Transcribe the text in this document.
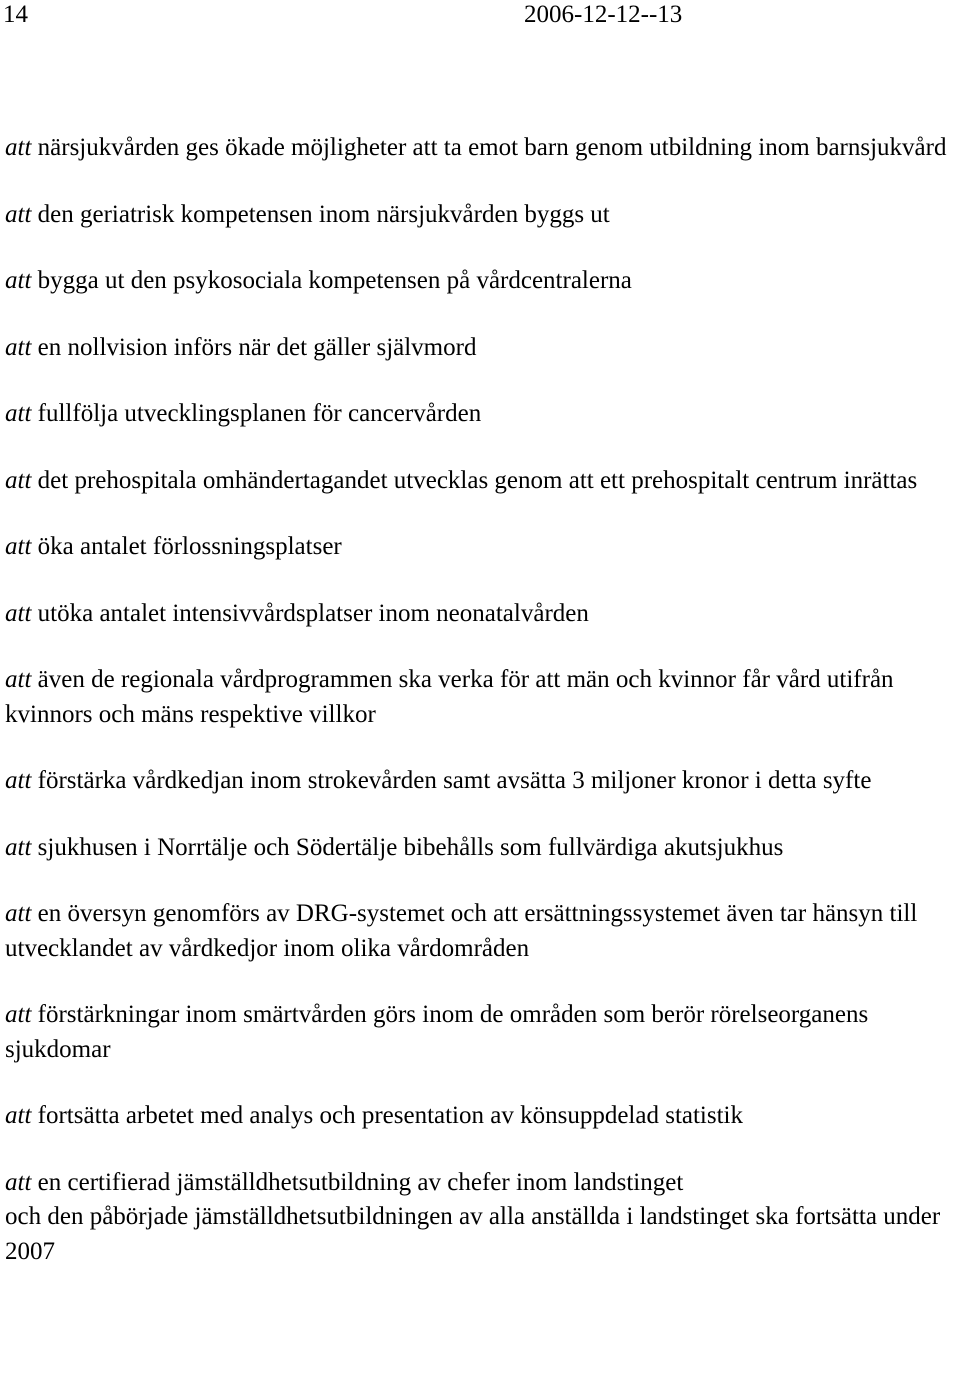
14	2006-12-12--13

att närsjukvården ges ökade möjligheter att ta emot barn genom utbildning inom barnsjukvård

att den geriatrisk kompetensen inom närsjukvården byggs ut

att bygga ut den psykosociala kompetensen på vårdcentralerna

att en nollvision införs när det gäller självmord

att fullfölja utvecklingsplanen för cancervården

att det prehospitala omhändertagandet utvecklas genom att ett prehospitalt centrum inrättas

att öka antalet förlossningsplatser

att utöka antalet intensivvårdsplatser inom neonatalvården

att även de regionala vårdprogrammen ska verka för att män och kvinnor får vård utifrån kvinnors och mäns respektive villkor

att förstärka vårdkedjan inom strokevården samt avsätta 3 miljoner kronor i detta syfte

att sjukhusen i Norrtälje och Södertälje bibehålls som fullvärdiga akutsjukhus

att en översyn genomförs av DRG-systemet och att ersättningssystemet även tar hänsyn till utvecklandet av vårdkedjor inom olika vårdområden

att förstärkningar inom smärtvården görs inom de områden som berör rörelseorganens sjukdomar

att fortsätta arbetet med analys och presentation av könsuppdelad statistik

att en certifierad jämställdhetsutbildning av chefer inom landstinget
och den påbörjade jämställdhetsutbildningen av alla anställda i landstinget ska fortsätta under 2007
